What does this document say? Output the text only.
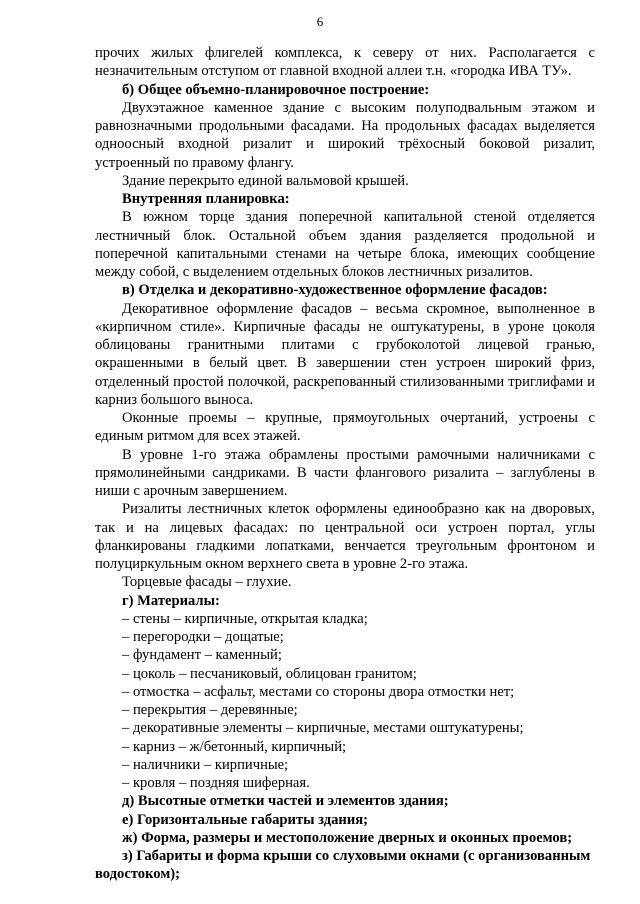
6

прочих жилых флигелей комплекса, к северу от них. Располагается с незначительным отступом от главной входной аллеи т.н. «городка ИВА ТУ».

б) Общее объемно-планировочное построение:

Двухэтажное каменное здание с высоким полуподвальным этажом и равнозначными продольными фасадами. На продольных фасадах выделяется одноосный входной ризалит и широкий трёхосный боковой ризалит, устроенный по правому флангу.

Здание перекрыто единой вальмовой крышей.

Внутренняя планировка:

В южном торце здания поперечной капитальной стеной отделяется лестничный блок. Остальной объем здания разделяется продольной и поперечной капитальными стенами на четыре блока, имеющих сообщение между собой, с выделением отдельных блоков лестничных ризалитов.

в) Отделка и декоративно-художественное оформление фасадов:

Декоративное оформление фасадов – весьма скромное, выполненное в «кирпичном стиле». Кирпичные фасады не оштукатурены, в уроне цоколя облицованы гранитными плитами с грубоколотой лицевой гранью, окрашенными в белый цвет. В завершении стен устроен широкий фриз, отделенный простой полочкой, раскрепованный стилизованными триглифами и карниз большого выноса.

Оконные проемы – крупные, прямоугольных очертаний, устроены с единым ритмом для всех этажей.

В уровне 1-го этажа обрамлены простыми рамочными наличниками с прямолинейными сандриками. В части флангового ризалита – заглублены в ниши с арочным завершением.

Ризалиты лестничных клеток оформлены единообразно как на дворовых, так и на лицевых фасадах: по центральной оси устроен портал, углы фланкированы гладкими лопатками, венчается треугольным фронтоном и полуциркульным окном верхнего света в уровне 2-го этажа.

Торцевые фасады – глухие.

г) Материалы:

– стены – кирпичные, открытая кладка;

– перегородки – дощатые;

– фундамент – каменный;

– цоколь – песчаниковый, облицован гранитом;

– отмостка – асфальт, местами со стороны двора отмостки нет;

– перекрытия – деревянные;

– декоративные элементы – кирпичные, местами оштукатурены;

– карниз – ж/бетонный, кирпичный;

– наличники – кирпичные;

– кровля – поздняя шиферная.

д) Высотные отметки частей и элементов здания;

е) Горизонтальные габариты здания;

ж) Форма, размеры и местоположение дверных и оконных проемов;

з) Габариты и форма крыши со слуховыми окнами (с организованным водостоком);
